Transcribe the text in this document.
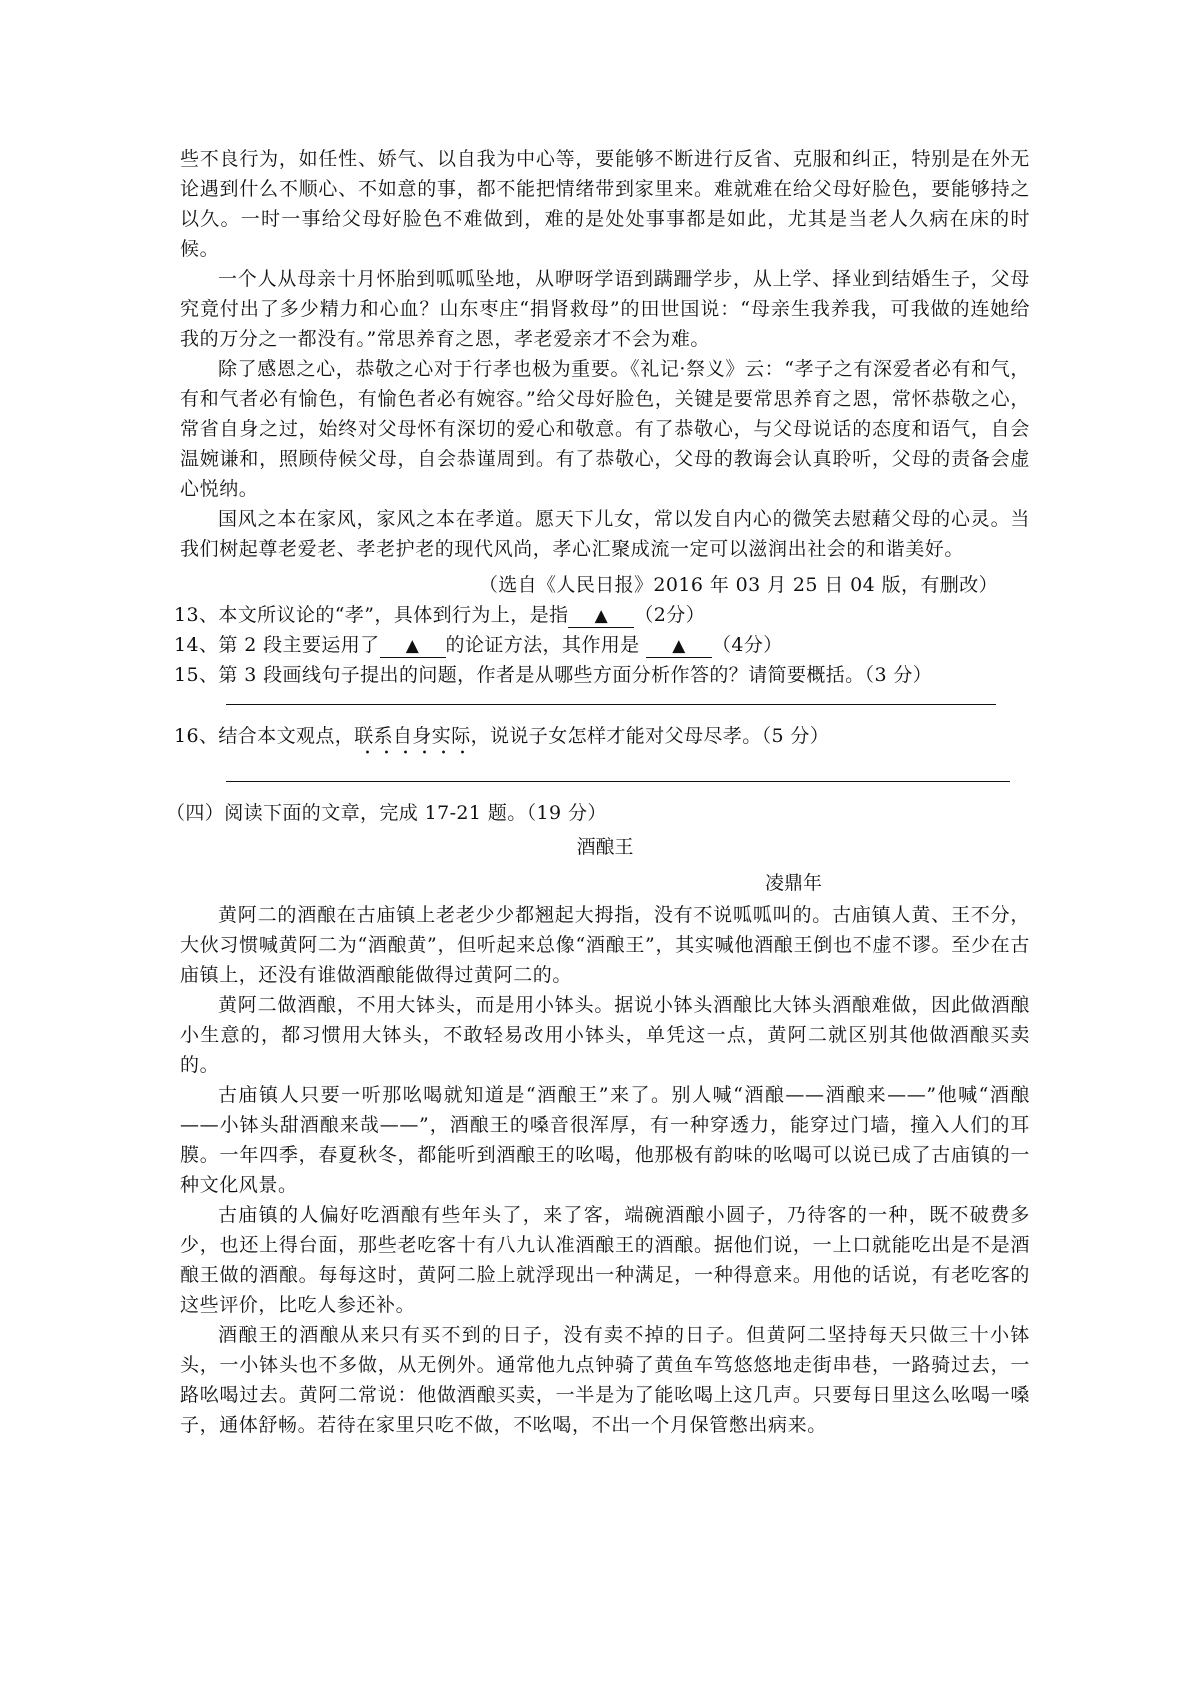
些不良行为，如任性、娇气、以自我为中心等，要能够不断进行反省、克服和纠正，特别是在外无论遇到什么不顺心、不如意的事，都不能把情绪带到家里来。难就难在给父母好脸色，要能够持之以久。一时一事给父母好脸色不难做到，难的是处处事事都是如此，尤其是当老人久病在床的时候。

一个人从母亲十月怀胎到呱呱坠地，从咿呀学语到蹒跚学步，从上学、择业到结婚生子，父母究竟付出了多少精力和心血？山东枣庄“捐肾救母”的田世国说：“母亲生我养我，可我做的连她给我的万分之一都没有。”常思养育之恩，孝老爱亲才不会为难。

除了感恩之心，恭敬之心对于行孝也极为重要。《礼记·祭义》云：“孝子之有深爱者必有和气，有和气者必有愉色，有愉色者必有婉容。”给父母好脸色，关键是要常思养育之恩，常怀恭敬之心，常省自身之过，始终对父母怀有深切的爱心和敬意。有了恭敬心，与父母说话的态度和语气，自会温婉谦和，照顾侍候父母，自会恭谨周到。有了恭敬心，父母的教诲会认真聆听，父母的责备会虚心悦纳。

国风之本在家风，家风之本在孝道。愿天下儿女，常以发自内心的微笑去慰藉父母的心灵。当我们树起尊老爱老、孝老护老的现代风尚，孝心汇聚成流一定可以滋润出社会的和谐美好。

（选自《人民日报》2016 年 03 月 25 日 04 版，有删改）

13、本文所议论的“孝”，具体到行为上，是指 ▲ （2分）

14、第 2 段主要运用了 ▲ 的论证方法，其作用是 ▲ （4分）

15、第 3 段画线句子提出的问题，作者是从哪些方面分析作答的？请简要概括。（3 分）

16、结合本文观点，联系自身实际，说说子女怎样才能对父母尽孝。（5 分）

（四）阅读下面的文章，完成 17-21 题。（19 分）

酒酿王

凌鼎年

黄阿二的酒酿在古庙镇上老老少少都翘起大拇指，没有不说呱呱叫的。古庙镇人黄、王不分，大伙习惯喊黄阿二为“酒酿黄”，但听起来总像“酒酿王”，其实喊他酒酿王倒也不虚不谬。至少在古庙镇上，还没有谁做酒酿能做得过黄阿二的。

黄阿二做酒酿，不用大钵头，而是用小钵头。据说小钵头酒酿比大钵头酒酿难做，因此做酒酿小生意的，都习惯用大钵头，不敢轻易改用小钵头，单凭这一点，黄阿二就区别其他做酒酿买卖的。

古庙镇人只要一听那吆喝就知道是“酒酿王”来了。别人喊“酒酿——酒酿来——”他喊“酒酿——小钵头甜酒酿来哉——”，酒酿王的嗓音很浑厚，有一种穿透力，能穿过门墙，撞入人们的耳膜。一年四季，春夏秋冬，都能听到酒酿王的吆喝，他那极有韵味的吆喝可以说已成了古庙镇的一种文化风景。

古庙镇的人偏好吃酒酿有些年头了，来了客，端碗酒酿小圆子，乃待客的一种，既不破费多少，也还上得台面，那些老吃客十有八九认准酒酿王的酒酿。据他们说，一上口就能吃出是不是酒酿王做的酒酿。每每这时，黄阿二脸上就浮现出一种满足，一种得意来。用他的话说，有老吃客的这些评价，比吃人参还补。

酒酿王的酒酿从来只有买不到的日子，没有卖不掉的日子。但黄阿二坚持每天只做三十小钵头，一小钵头也不多做，从无例外。通常他九点钟骑了黄鱼车笃悠悠地走街串巷，一路骑过去，一路吆喝过去。黄阿二常说：他做酒酿买卖，一半是为了能吆喝上这几声。只要每日里这么吆喝一嗓子，通体舒畅。若待在家里只吃不做，不吆喝，不出一个月保管憋出病来。
